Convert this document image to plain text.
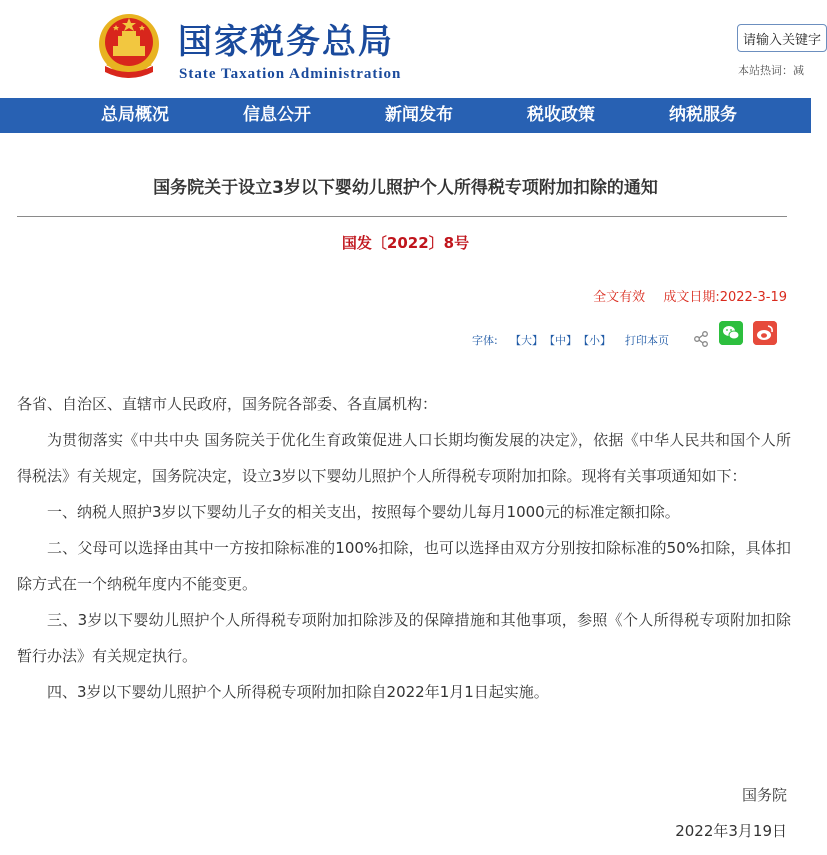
国家税务总局
State Taxation Administration
请输入关键字
本站热词：减
总局概况	信息公开	新闻发布	税收政策	纳税服务
国务院关于设立3岁以下婴幼儿照护个人所得税专项附加扣除的通知
国发〔2022〕8号
全文有效 成文日期:2022-3-19
字体: 【大】 【中】 【小】 打印本页

各省、自治区、直辖市人民政府，国务院各部委、各直属机构：

为贯彻落实《中共中央 国务院关于优化生育政策促进人口长期均衡发展的决定》，依据《中华人民共和国个人所得税法》有关规定，国务院决定，设立3岁以下婴幼儿照护个人所得税专项附加扣除。现将有关事项通知如下：

一、纳税人照护3岁以下婴幼儿子女的相关支出，按照每个婴幼儿每月1000元的标准定额扣除。

二、父母可以选择由其中一方按扣除标准的100%扣除，也可以选择由双方分别按扣除标准的50%扣除，具体扣除方式在一个纳税年度内不能变更。

三、3岁以下婴幼儿照护个人所得税专项附加扣除涉及的保障措施和其他事项，参照《个人所得税专项附加扣除暂行办法》有关规定执行。

四、3岁以下婴幼儿照护个人所得税专项附加扣除自2022年1月1日起实施。

国务院
2022年3月19日
